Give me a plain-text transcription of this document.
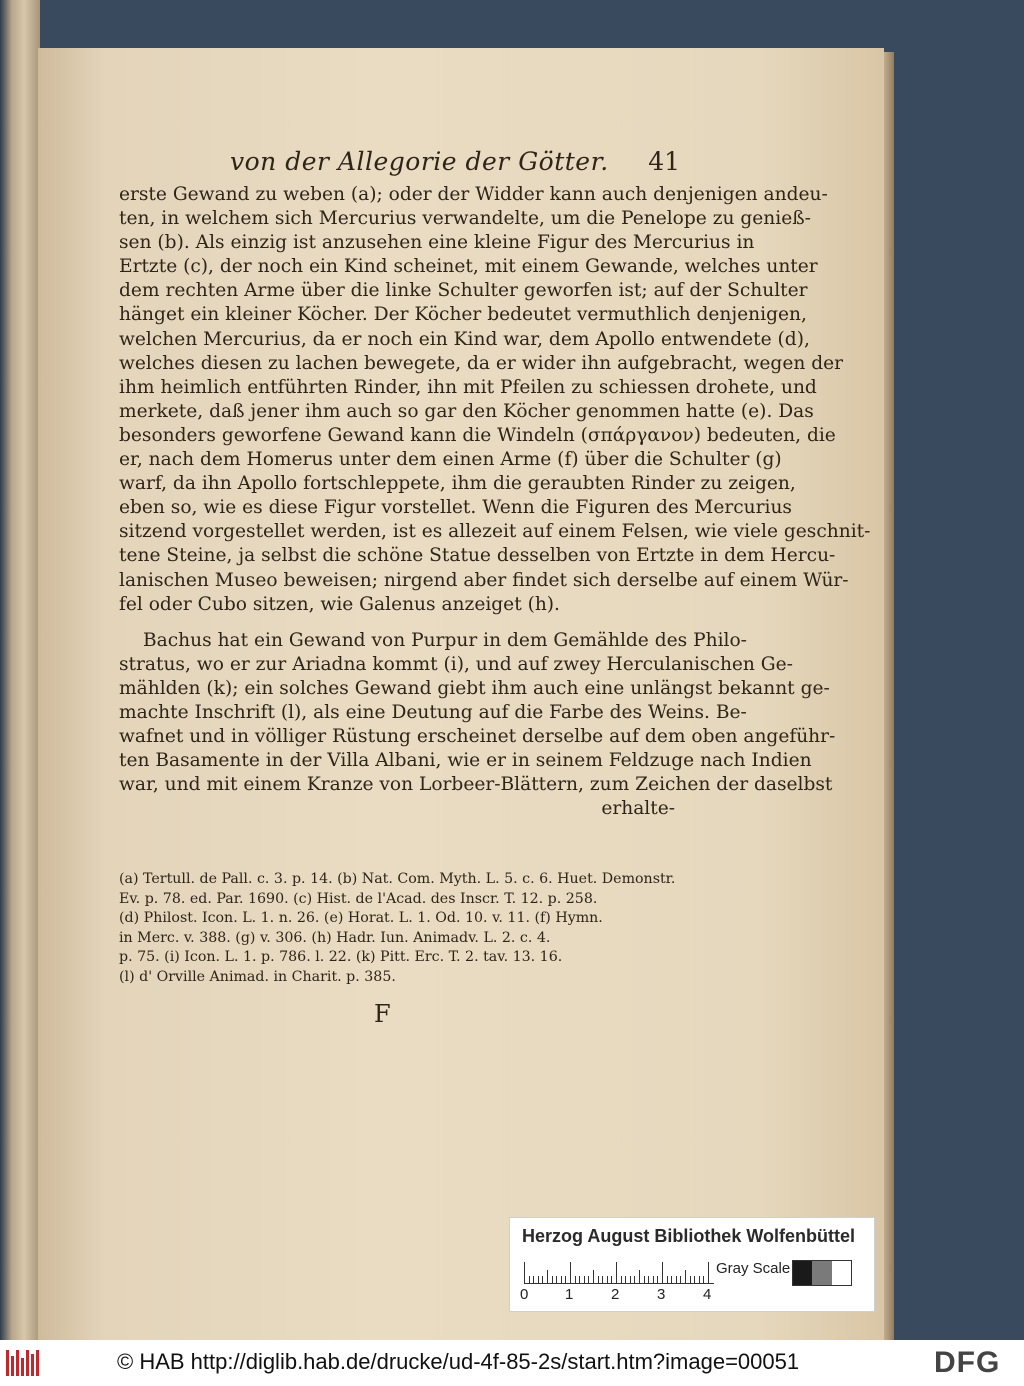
von der Allegorie der Götter. 41
erste Gewand zu weben (a); oder der Widder kann auch denjenigen andeu-
ten, in welchem sich Mercurius verwandelte, um die Penelope zu genieß-
sen (b). Als einzig ist anzusehen eine kleine Figur des Mercurius in
Ertzte (c), der noch ein Kind scheinet, mit einem Gewande, welches unter
dem rechten Arme über die linke Schulter geworfen ist; auf der Schulter
hänget ein kleiner Köcher. Der Köcher bedeutet vermuthlich denjenigen,
welchen Mercurius, da er noch ein Kind war, dem Apollo entwendete (d),
welches diesen zu lachen bewegete, da er wider ihn aufgebracht, wegen der
ihm heimlich entführten Rinder, ihn mit Pfeilen zu schiessen drohete, und
merkete, daß jener ihm auch so gar den Köcher genommen hatte (e). Das
besonders geworfene Gewand kann die Windeln (σπάργανον) bedeuten, die
er, nach dem Homerus unter dem einen Arme (f) über die Schulter (g)
warf, da ihn Apollo fortschleppete, ihm die geraubten Rinder zu zeigen,
eben so, wie es diese Figur vorstellet. Wenn die Figuren des Mercurius
sitzend vorgestellet werden, ist es allezeit auf einem Felsen, wie viele geschnit-
tene Steine, ja selbst die schöne Statue desselben von Ertzte in dem Hercu-
lanischen Museo beweisen; nirgend aber findet sich derselbe auf einem Wür-
fel oder Cubo sitzen, wie Galenus anzeiget (h).
Bachus hat ein Gewand von Purpur in dem Gemählde des Philo-
stratus, wo er zur Ariadna kommt (i), und auf zwey Herculanischen Ge-
mählden (k); ein solches Gewand giebt ihm auch eine unlängst bekannt ge-
machte Inschrift (l), als eine Deutung auf die Farbe des Weins. Be-
wafnet und in völliger Rüstung erscheinet derselbe auf dem oben angeführ-
ten Basamente in der Villa Albani, wie er in seinem Feldzuge nach Indien
war, und mit einem Kranze von Lorbeer-Blättern, zum Zeichen der daselbst
erhalte-
(a) Tertull. de Pall. c. 3. p. 14. (b) Nat. Com. Myth. L. 5. c. 6. Huet. Demonstr.
Ev. p. 78. ed. Par. 1690. (c) Hist. de l'Acad. des Inscr. T. 12. p. 258.
(d) Philost. Icon. L. 1. n. 26. (e) Horat. L. 1. Od. 10. v. 11. (f) Hymn.
in Merc. v. 388. (g) v. 306. (h) Hadr. Iun. Animadv. L. 2. c. 4.
p. 75. (i) Icon. L. 1. p. 786. l. 22. (k) Pitt. Erc. T. 2. tav. 13. 16.
(l) d' Orville Animad. in Charit. p. 385.
F
Herzog August Bibliothek Wolfenbüttel
0 1	2	3	4
Gray Scale
© HAB http://diglib.hab.de/drucke/ud-4f-85-2s/start.htm?image=00051	DFG
